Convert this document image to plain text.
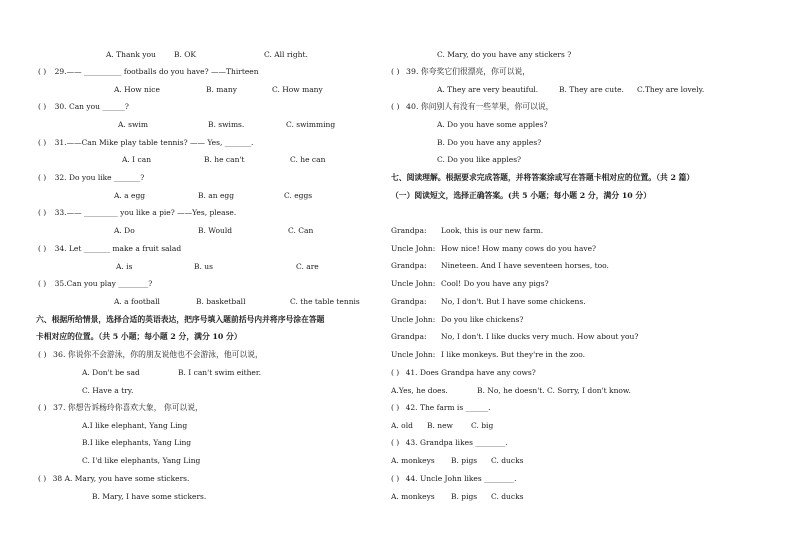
A. Thank you B. OK	C. All right.
( ) 29.—— __________ footballs do you have? ——Thirteen
A. How nice	B. many	C. How many
( ) 30. Can you ______?
A. swim	B. swims.	C. swimming
( ) 31.——Can Mike play table tennis? —— Yes, _______.
A. I can	B. he can't	C. he can
( ) 32. Do you like _______?
A. a egg	B. an egg	C. eggs
( ) 33.—— _________ you like a pie? ——Yes, please.
A. Do	B. Would	C. Can
( ) 34. Let _______ make a fruit salad
A. is	B. us	C. are
( ) 35.Can you play ________?
A. a football	B. basketball	C. the table tennis
六、根据所给情景，选择合适的英语表达，把序号填入题前括号内并将序号涂在答题
卡相对应的位置。（共 5 小题；每小题 2 分，满分 10 分）
( ) 36. 你说你不会游泳，你的朋友说他也不会游泳，他可以说，
A. Don't be sad	B. I can't swim either.
C. Have a try.
( ) 37. 你想告诉杨玲你喜欢大象， 你可以说，
A.I like elephant, Yang Ling
B.I like elephants, Yang Ling
C. I'd like elephants, Yang Ling
( ) 38 A. Mary, you have some stickers.
B. Mary, I have some stickers.
C. Mary, do you have any stickers ?
( ) 39. 你夸奖它们很漂亮，你可以说，
A. They are very beautiful.	B. They are cute. C.They are lovely.
( ) 40. 你问别人有没有一些苹果，你可以说，
A. Do you have some apples?
B. Do you have any apples?
C. Do you like apples?
七、阅读理解。根据要求完成答题，并将答案涂或写在答题卡相对应的位置。（共 2 篇）
（一）阅读短文，选择正确答案。(共 5 小题；每小题 2 分，满分 10 分）
Grandpa: Look, this is our new farm.
Uncle John: How nice! How many cows do you have?
Grandpa: Nineteen. And I have seventeen horses, too.
Uncle John: Cool! Do you have any pigs?
Grandpa: No, I don't. But I have some chickens.
Uncle John: Do you like chickens?
Grandpa: No, I don't. I like ducks very much. How about you?
Uncle John: I like monkeys. But they're in the zoo.
( ) 41. Does Grandpa have any cows?
A.Yes, he does.	B. No, he doesn't. C. Sorry, I don't know.
( ) 42. The farm is ______.
A. old B. new C. big
( ) 43. Grandpa likes ________.
A. monkeys B. pigs C. ducks
( ) 44. Uncle John likes ________.
A. monkeys B. pigs C. ducks
